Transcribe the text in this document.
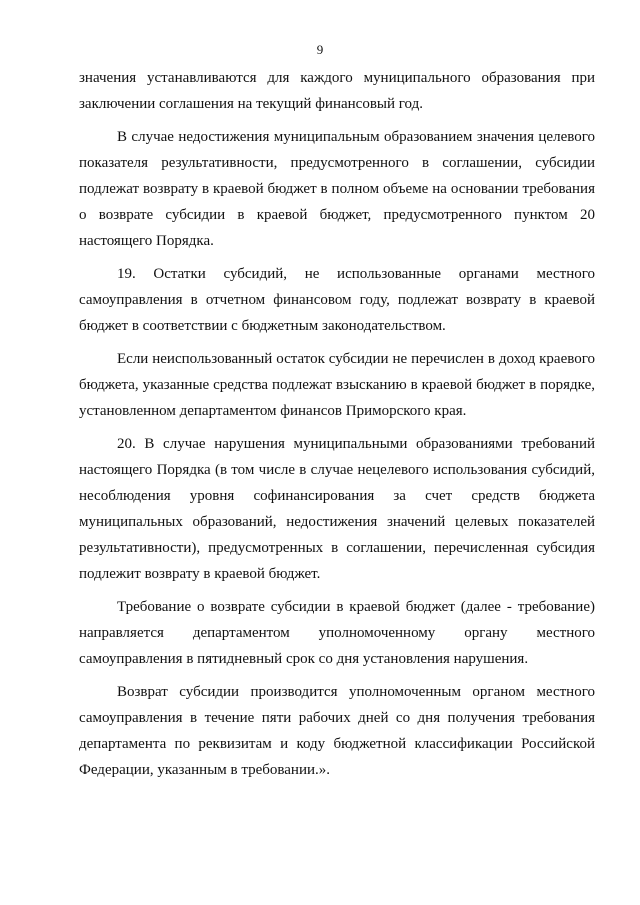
9

значения устанавливаются для каждого муниципального образования при заключении соглашения на текущий финансовый год.

В случае недостижения муниципальным образованием значения целевого показателя результативности, предусмотренного в соглашении, субсидии подлежат возврату в краевой бюджет в полном объеме на основании требования о возврате субсидии в краевой бюджет, предусмотренного пунктом 20 настоящего Порядка.

19. Остатки субсидий, не использованные органами местного самоуправления в отчетном финансовом году, подлежат возврату в краевой бюджет в соответствии с бюджетным законодательством.

Если неиспользованный остаток субсидии не перечислен в доход краевого бюджета, указанные средства подлежат взысканию в краевой бюджет в порядке, установленном департаментом финансов Приморского края.

20. В случае нарушения муниципальными образованиями требований настоящего Порядка (в том числе в случае нецелевого использования субсидий, несоблюдения уровня софинансирования за счет средств бюджета муниципальных образований, недостижения значений целевых показателей результативности), предусмотренных в соглашении, перечисленная субсидия подлежит возврату в краевой бюджет.

Требование о возврате субсидии в краевой бюджет (далее - требование) направляется департаментом уполномоченному органу местного самоуправления в пятидневный срок со дня установления нарушения.

Возврат субсидии производится уполномоченным органом местного самоуправления в течение пяти рабочих дней со дня получения требования департамента по реквизитам и коду бюджетной классификации Российской Федерации, указанным в требовании.».
